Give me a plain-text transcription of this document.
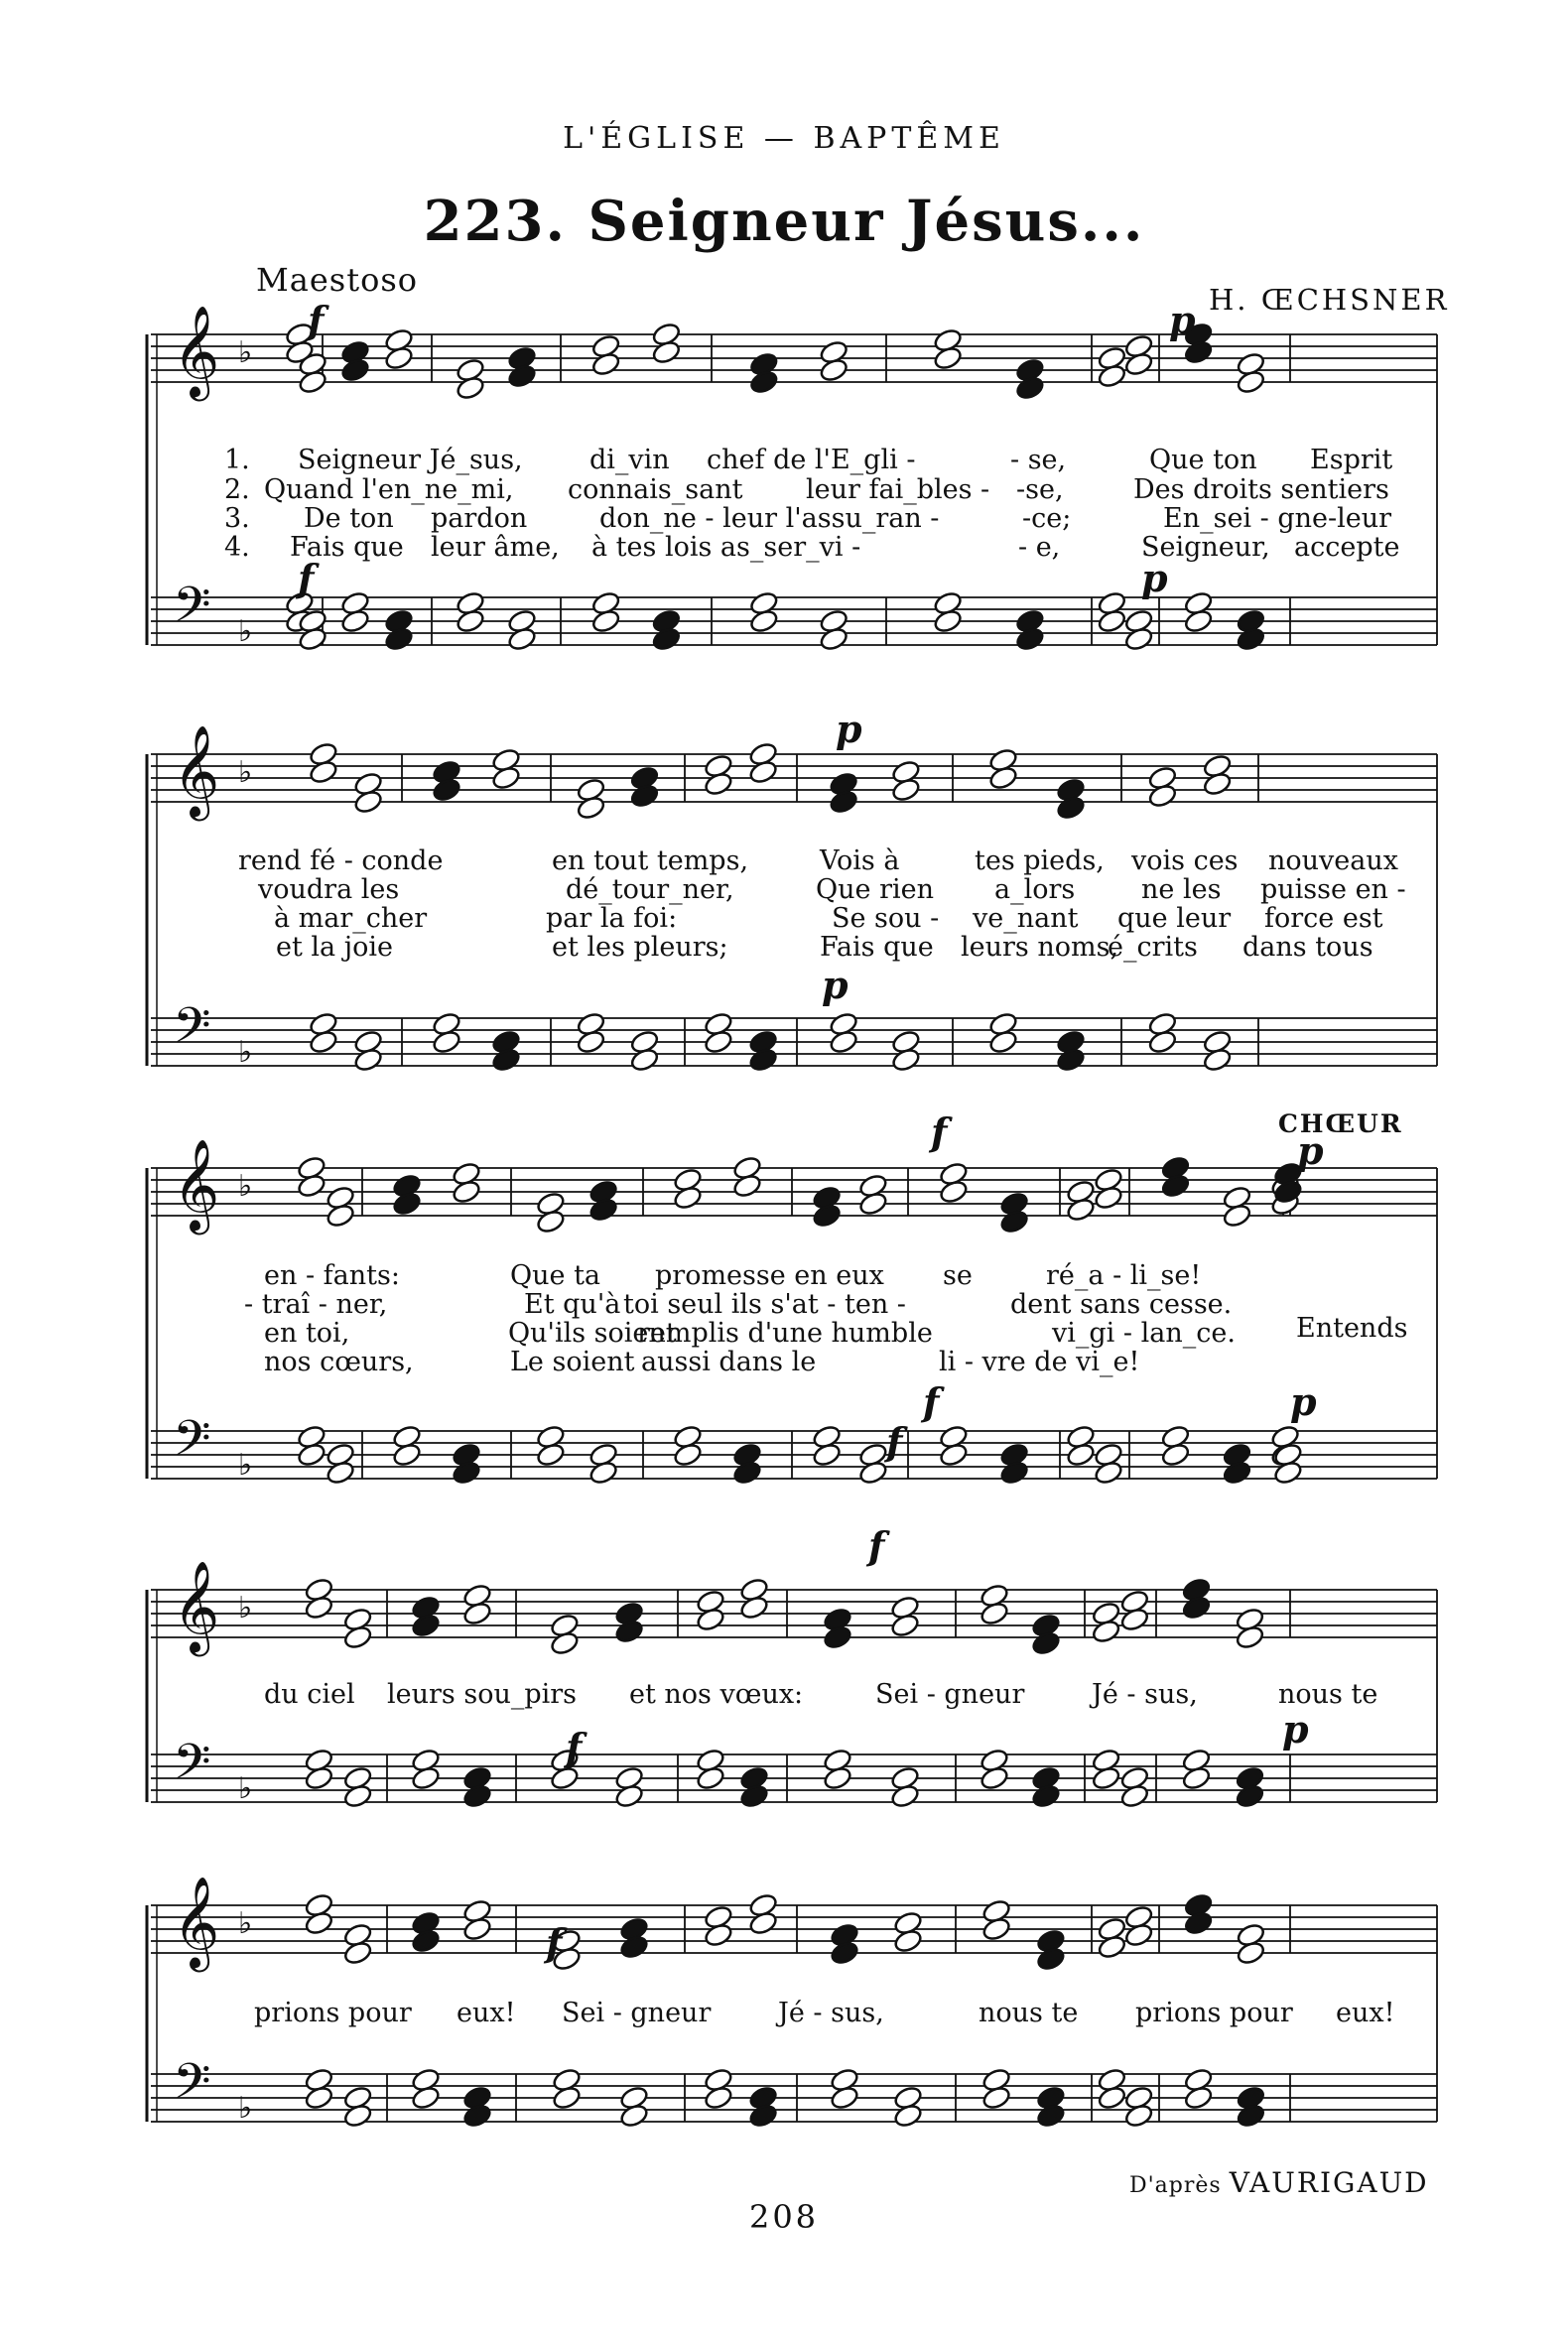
L'ÉGLISE — BAPTÊME
223. Seigneur Jésus...
Maestoso
H. ŒCHSNER
𝄞 ♭
𝄢 ♭
𝄞 ♭
𝄢 ♭
𝄞 ♭
𝄢 ♭
𝄞 ♭
𝄢 ♭
𝄞 ♭
𝄢 ♭
f	p
f	p
p
p
f	p
f	p
f
f
p
f
f
CHŒUR
1. Seigneur Jé_sus, di_vin chef de l'E_gli -	- se,	Que ton Esprit
2. Quand l'en_ne_mi, connais_sant leur fai_bles - -se,	Des droits sentiers
3. De ton pardon	don_ne - leur l'assu_ran -	-ce;	En_sei - gne-leur
4. Fais que leur âme, à tes lois as_ser_vi -	- e,	Seigneur, accepte
rend fé - conde	en tout temps,	Vois à	tes pieds, vois ces nouveaux
voudra les	dé_tour_ner,	Que rien a_lors ne les puisse en -
à mar_cher	par la foi:	Se sou - ve_nant que leur force est
et la joie	et les pleurs;	Fais que leurs noms,
é_crits dans tous
en - fants:	Que ta promesse en eux se	ré_a - li_se!
- traî - ner,	Et qu'à toi seul ils s'at - ten -	dent sans cesse.
en toi,	Qu'ils soient
remplis d'une humble	vi_gi - lan_ce.
nos cœurs,	Le soient aussi dans le	li - vre de vi_e!
Entends
du ciel leurs sou_pirs et nos vœux:	Sei - gneur	Jé - sus,	nous te
prions pour eux! Sei - gneur	Jé - sus,	nous te prions pour eux!
D'après VAURIGAUD
208
